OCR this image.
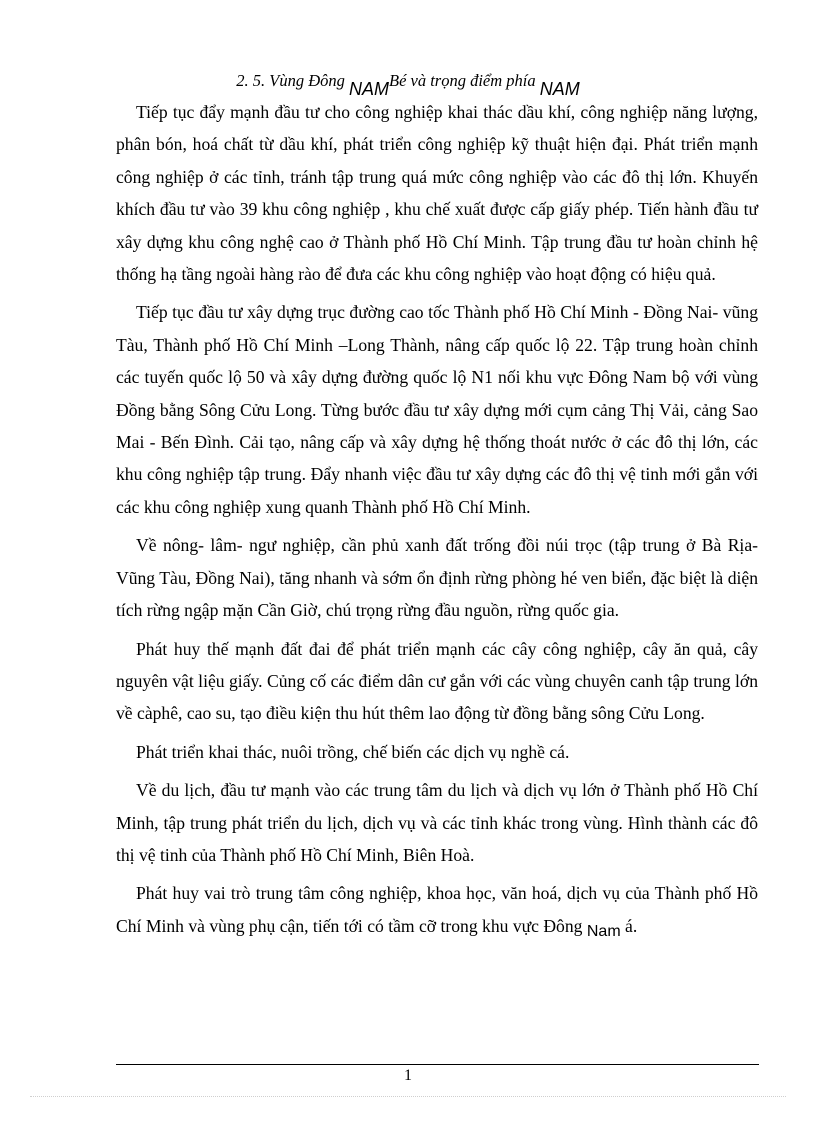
2. 5. Vùng Đông NAMBé và trọng điểm phía NAM

Tiếp tục đẩy mạnh đầu tư cho công nghiệp khai thác dầu khí, công nghiệp năng lượng, phân bón, hoá chất từ dầu khí, phát triển công nghiệp kỹ thuật hiện đại. Phát triển mạnh công nghiệp ở các tỉnh, tránh tập trung quá mức công nghiệp vào các đô thị lớn. Khuyến khích đầu tư vào 39 khu công nghiệp , khu chế xuất được cấp giấy phép. Tiến hành đầu tư xây dựng khu công nghệ cao ở Thành phố Hồ Chí Minh. Tập trung đầu tư hoàn chỉnh hệ thống hạ tầng ngoài hàng rào để đưa các khu công nghiệp vào hoạt động có hiệu quả.

Tiếp tục đầu tư xây dựng trục đường cao tốc Thành phố Hồ Chí Minh - Đồng Nai- vũng Tàu, Thành phố Hồ Chí Minh –Long Thành, nâng cấp quốc lộ 22. Tập trung hoàn chỉnh các tuyến quốc lộ 50 và xây dựng đường quốc lộ N1 nối khu vực Đông Nam bộ với vùng Đồng bằng Sông Cửu Long. Từng bước đầu tư xây dựng mới cụm cảng Thị Vải, cảng Sao Mai - Bến Đình. Cải tạo, nâng cấp và xây dựng hệ thống thoát nước ở các đô thị lớn, các khu công nghiệp tập trung. Đẩy nhanh việc đầu tư xây dựng các đô thị vệ tinh mới gắn với các khu công nghiệp xung quanh Thành phố Hồ Chí Minh.

Về nông- lâm- ngư nghiệp, cần phủ xanh đất trống đồi núi trọc (tập trung ở Bà Rịa- Vũng Tàu, Đồng Nai), tăng nhanh và sớm ổn định rừng phòng hé ven biển, đặc biệt là diện tích rừng ngập mặn Cần Giờ, chú trọng rừng đầu nguồn, rừng quốc gia.

Phát huy thế mạnh đất đai để phát triển mạnh các cây công nghiệp, cây ăn quả, cây nguyên vật liệu giấy. Củng cố các điểm dân cư gắn với các vùng chuyên canh tập trung lớn về càphê, cao su, tạo điều kiện thu hút thêm lao động từ đồng bằng sông Cửu Long.

Phát triển khai thác, nuôi trồng, chế biến các dịch vụ nghề cá.

Về du lịch, đầu tư mạnh vào các trung tâm du lịch và dịch vụ lớn ở Thành phố Hồ Chí Minh, tập trung phát triển du lịch, dịch vụ và các tỉnh khác trong vùng. Hình thành các đô thị vệ tinh của Thành phố Hồ Chí Minh, Biên Hoà.

Phát huy vai trò trung tâm công nghiệp, khoa học, văn hoá, dịch vụ của Thành phố Hồ Chí Minh và vùng phụ cận, tiến tới có tầm cỡ trong khu vực Đông Nam á.

1
